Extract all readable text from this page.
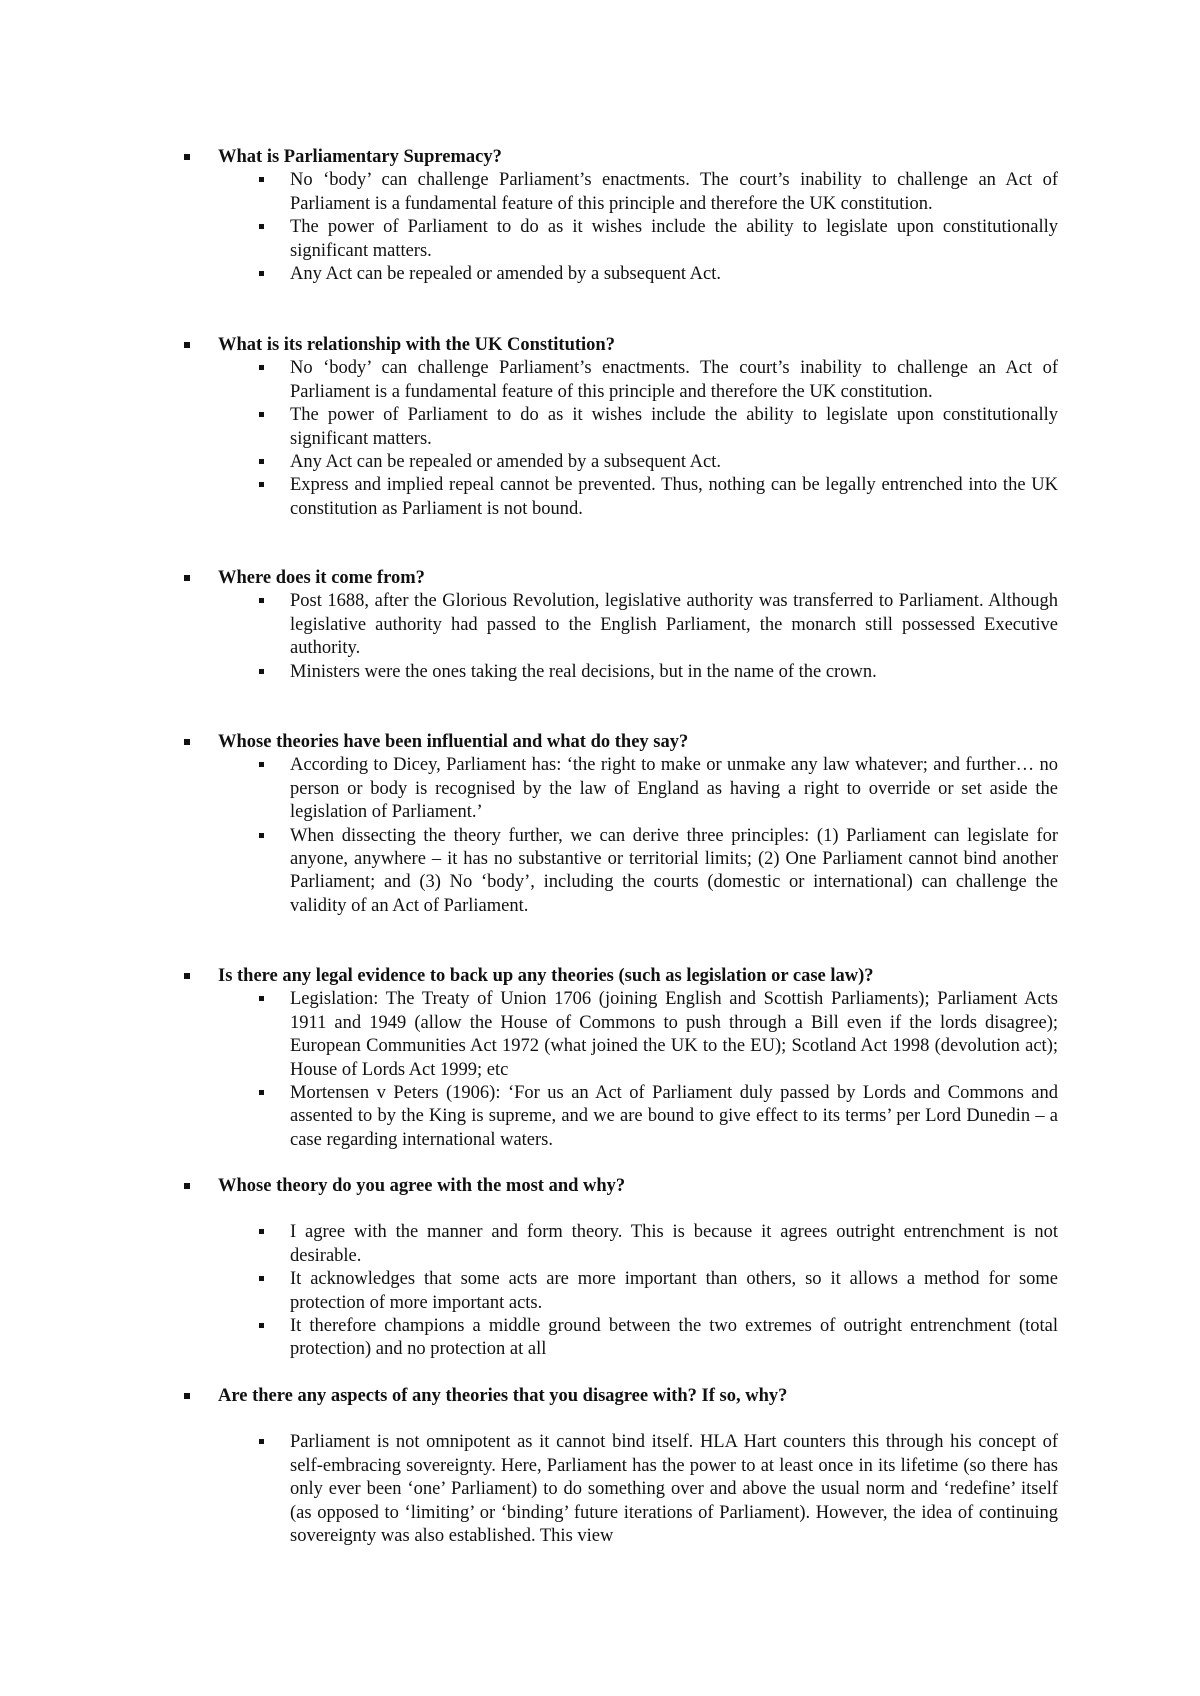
What is Parliamentary Supremacy?

No ‘body’ can challenge Parliament’s enactments. The court’s inability to challenge an Act of Parliament is a fundamental feature of this principle and therefore the UK constitution.
The power of Parliament to do as it wishes include the ability to legislate upon constitutionally significant matters.
Any Act can be repealed or amended by a subsequent Act.

What is its relationship with the UK Constitution?

No ‘body’ can challenge Parliament’s enactments. The court’s inability to challenge an Act of Parliament is a fundamental feature of this principle and therefore the UK constitution.
The power of Parliament to do as it wishes include the ability to legislate upon constitutionally significant matters.
Any Act can be repealed or amended by a subsequent Act.
Express and implied repeal cannot be prevented. Thus, nothing can be legally entrenched into the UK constitution as Parliament is not bound.

Where does it come from?

Post 1688, after the Glorious Revolution, legislative authority was transferred to Parliament. Although legislative authority had passed to the English Parliament, the monarch still possessed Executive authority.
Ministers were the ones taking the real decisions, but in the name of the crown.

Whose theories have been influential and what do they say?

According to Dicey, Parliament has: ‘the right to make or unmake any law whatever; and further… no person or body is recognised by the law of England as having a right to override or set aside the legislation of Parliament.’
When dissecting the theory further, we can derive three principles: (1) Parliament can legislate for anyone, anywhere – it has no substantive or territorial limits; (2) One Parliament cannot bind another Parliament; and (3) No ‘body’, including the courts (domestic or international) can challenge the validity of an Act of Parliament.

Is there any legal evidence to back up any theories (such as legislation or case law)?

Legislation: The Treaty of Union 1706 (joining English and Scottish Parliaments); Parliament Acts 1911 and 1949 (allow the House of Commons to push through a Bill even if the lords disagree); European Communities Act 1972 (what joined the UK to the EU); Scotland Act 1998 (devolution act); House of Lords Act 1999; etc
Mortensen v Peters (1906): ‘For us an Act of Parliament duly passed by Lords and Commons and assented to by the King is supreme, and we are bound to give effect to its terms’ per Lord Dunedin – a case regarding international waters.

Whose theory do you agree with the most and why?

I agree with the manner and form theory. This is because it agrees outright entrenchment is not desirable.
It acknowledges that some acts are more important than others, so it allows a method for some protection of more important acts.
It therefore champions a middle ground between the two extremes of outright entrenchment (total protection) and no protection at all

Are there any aspects of any theories that you disagree with? If so, why?

Parliament is not omnipotent as it cannot bind itself. HLA Hart counters this through his concept of self-embracing sovereignty. Here, Parliament has the power to at least once in its lifetime (so there has only ever been ‘one’ Parliament) to do something over and above the usual norm and ‘redefine’ itself (as opposed to ‘limiting’ or ‘binding’ future iterations of Parliament). However, the idea of continuing sovereignty was also established. This view
